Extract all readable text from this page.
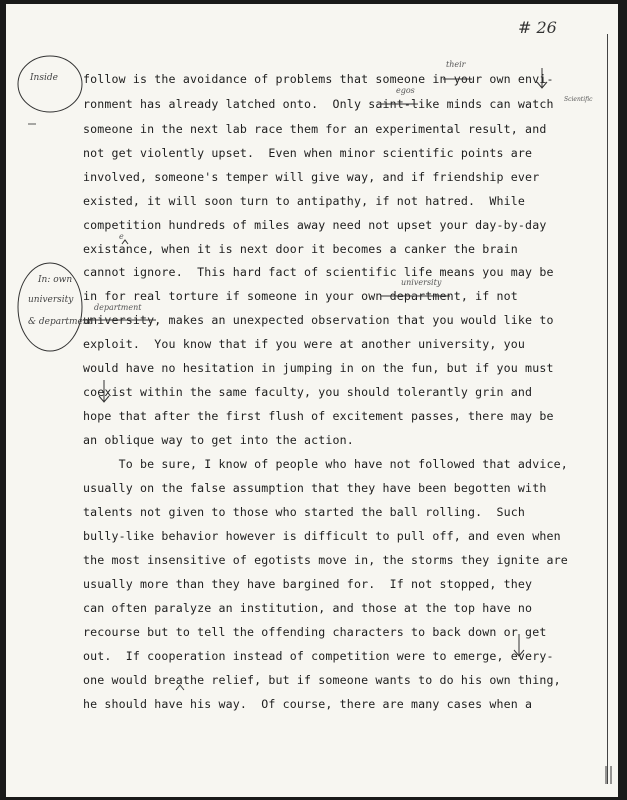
# 26
follow is the avoidance of problems that someone in your own envi-
ronment has already latched onto.  Only saint-like minds can watch
someone in the next lab race them for an experimental result, and
not get violently upset.  Even when minor scientific points are
involved, someone's temper will give way, and if friendship ever
existed, it will soon turn to antipathy, if not hatred.  While
competition hundreds of miles away need not upset your day-by-day
existance, when it is next door it becomes a canker the brain
cannot ignore.  This hard fact of scientific life means you may be
in for real torture if someone in your own department, if not
university, makes an unexpected observation that you would like to
exploit.  You know that if you were at another university, you
would have no hesitation in jumping in on the fun, but if you must
coexist within the same faculty, you should tolerantly grin and
hope that after the first flush of excitement passes, there may be
an oblique way to get into the action.
To be sure, I know of people who have not followed that advice,
usually on the false assumption that they have been begotten with
talents not given to those who started the ball rolling.  Such
bully-like behavior however is difficult to pull off, and even when
the most insensitive of egotists move in, the storms they ignite are
usually more than they have bargined for.  If not stopped, they
can often paralyze an institution, and those at the top have no
recourse but to tell the offending characters to back down or get
out.  If cooperation instead of competition were to emerge, every-
one would breathe relief, but if someone wants to do his own thing,
he should have his way.  Of course, there are many cases when a
their
egos
e
university
department
Scientific
Inside
In: own
university
& department
